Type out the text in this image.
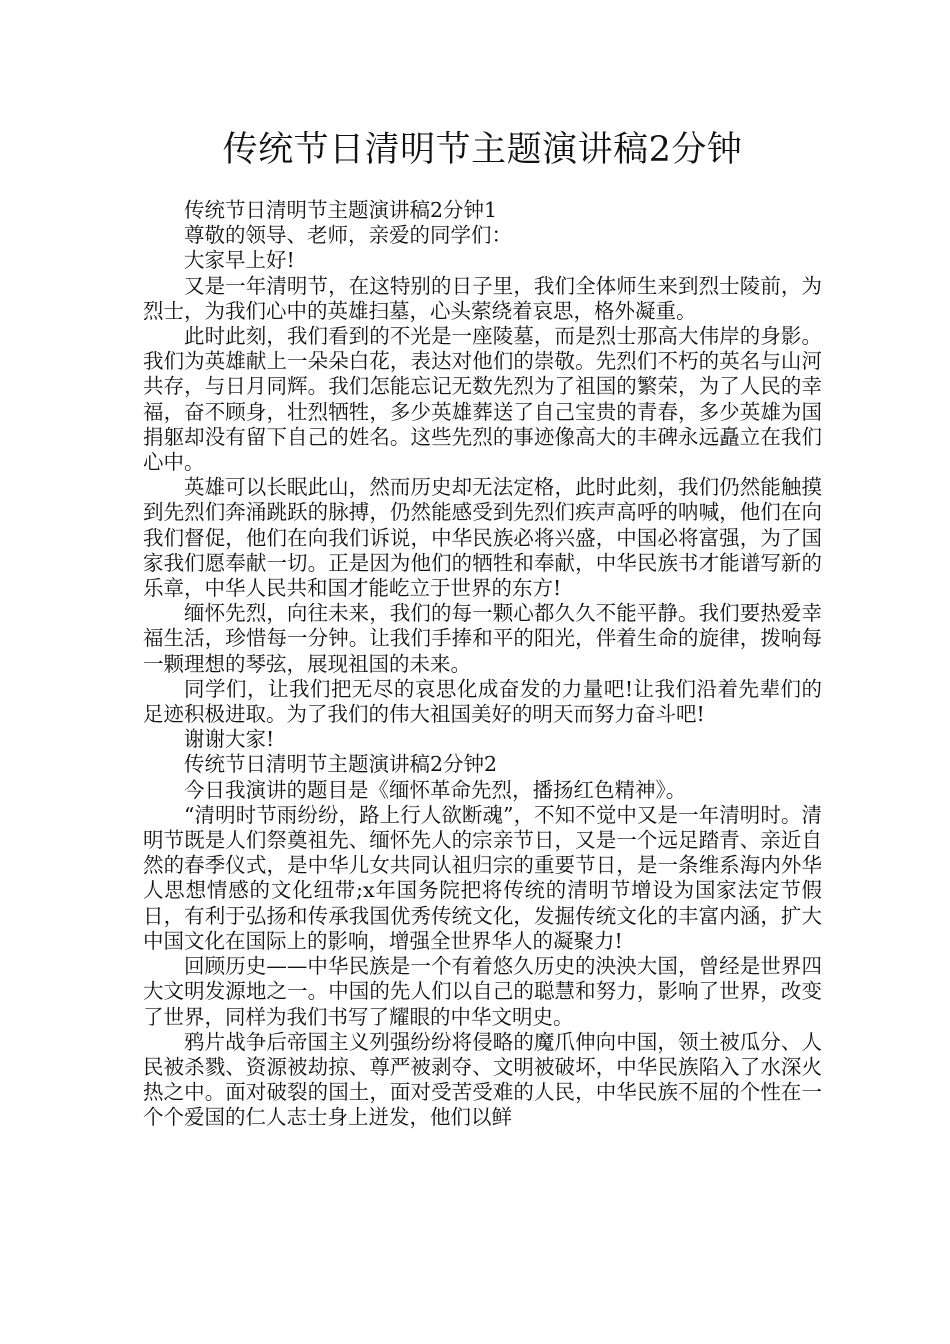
传统节日清明节主题演讲稿2分钟

传统节日清明节主题演讲稿2分钟1

尊敬的领导、老师，亲爱的同学们：

大家早上好!

又是一年清明节，在这特别的日子里，我们全体师生来到烈士陵前，为烈士，为我们心中的英雄扫墓，心头萦绕着哀思，格外凝重。

此时此刻，我们看到的不光是一座陵墓，而是烈士那高大伟岸的身影。我们为英雄献上一朵朵白花，表达对他们的崇敬。先烈们不朽的英名与山河共存，与日月同辉。我们怎能忘记无数先烈为了祖国的繁荣，为了人民的幸福，奋不顾身，壮烈牺牲，多少英雄葬送了自己宝贵的青春，多少英雄为国捐躯却没有留下自己的姓名。这些先烈的事迹像高大的丰碑永远矗立在我们心中。

英雄可以长眠此山，然而历史却无法定格，此时此刻，我们仍然能触摸到先烈们奔涌跳跃的脉搏，仍然能感受到先烈们疾声高呼的呐喊，他们在向我们督促，他们在向我们诉说，中华民族必将兴盛，中国必将富强，为了国家我们愿奉献一切。正是因为他们的牺牲和奉献，中华民族书才能谱写新的乐章，中华人民共和国才能屹立于世界的东方!

缅怀先烈，向往未来，我们的每一颗心都久久不能平静。我们要热爱幸福生活，珍惜每一分钟。让我们手捧和平的阳光，伴着生命的旋律，拨响每一颗理想的琴弦，展现祖国的未来。

同学们，让我们把无尽的哀思化成奋发的力量吧!让我们沿着先辈们的足迹积极进取。为了我们的伟大祖国美好的明天而努力奋斗吧!

谢谢大家!

传统节日清明节主题演讲稿2分钟2

今日我演讲的题目是《缅怀革命先烈，播扬红色精神》。

“清明时节雨纷纷，路上行人欲断魂”，不知不觉中又是一年清明时。清明节既是人们祭奠祖先、缅怀先人的宗亲节日，又是一个远足踏青、亲近自然的春季仪式，是中华儿女共同认祖归宗的重要节日，是一条维系海内外华人思想情感的文化纽带;x年国务院把将传统的清明节增设为国家法定节假日，有利于弘扬和传承我国优秀传统文化，发掘传统文化的丰富内涵，扩大中国文化在国际上的影响，增强全世界华人的凝聚力!

回顾历史——中华民族是一个有着悠久历史的泱泱大国，曾经是世界四大文明发源地之一。中国的先人们以自己的聪慧和努力，影响了世界，改变了世界，同样为我们书写了耀眼的中华文明史。

鸦片战争后帝国主义列强纷纷将侵略的魔爪伸向中国，领土被瓜分、人民被杀戮、资源被劫掠、尊严被剥夺、文明被破坏，中华民族陷入了水深火热之中。面对破裂的国土，面对受苦受难的人民，中华民族不屈的个性在一个个爱国的仁人志士身上迸发，他们以鲜
